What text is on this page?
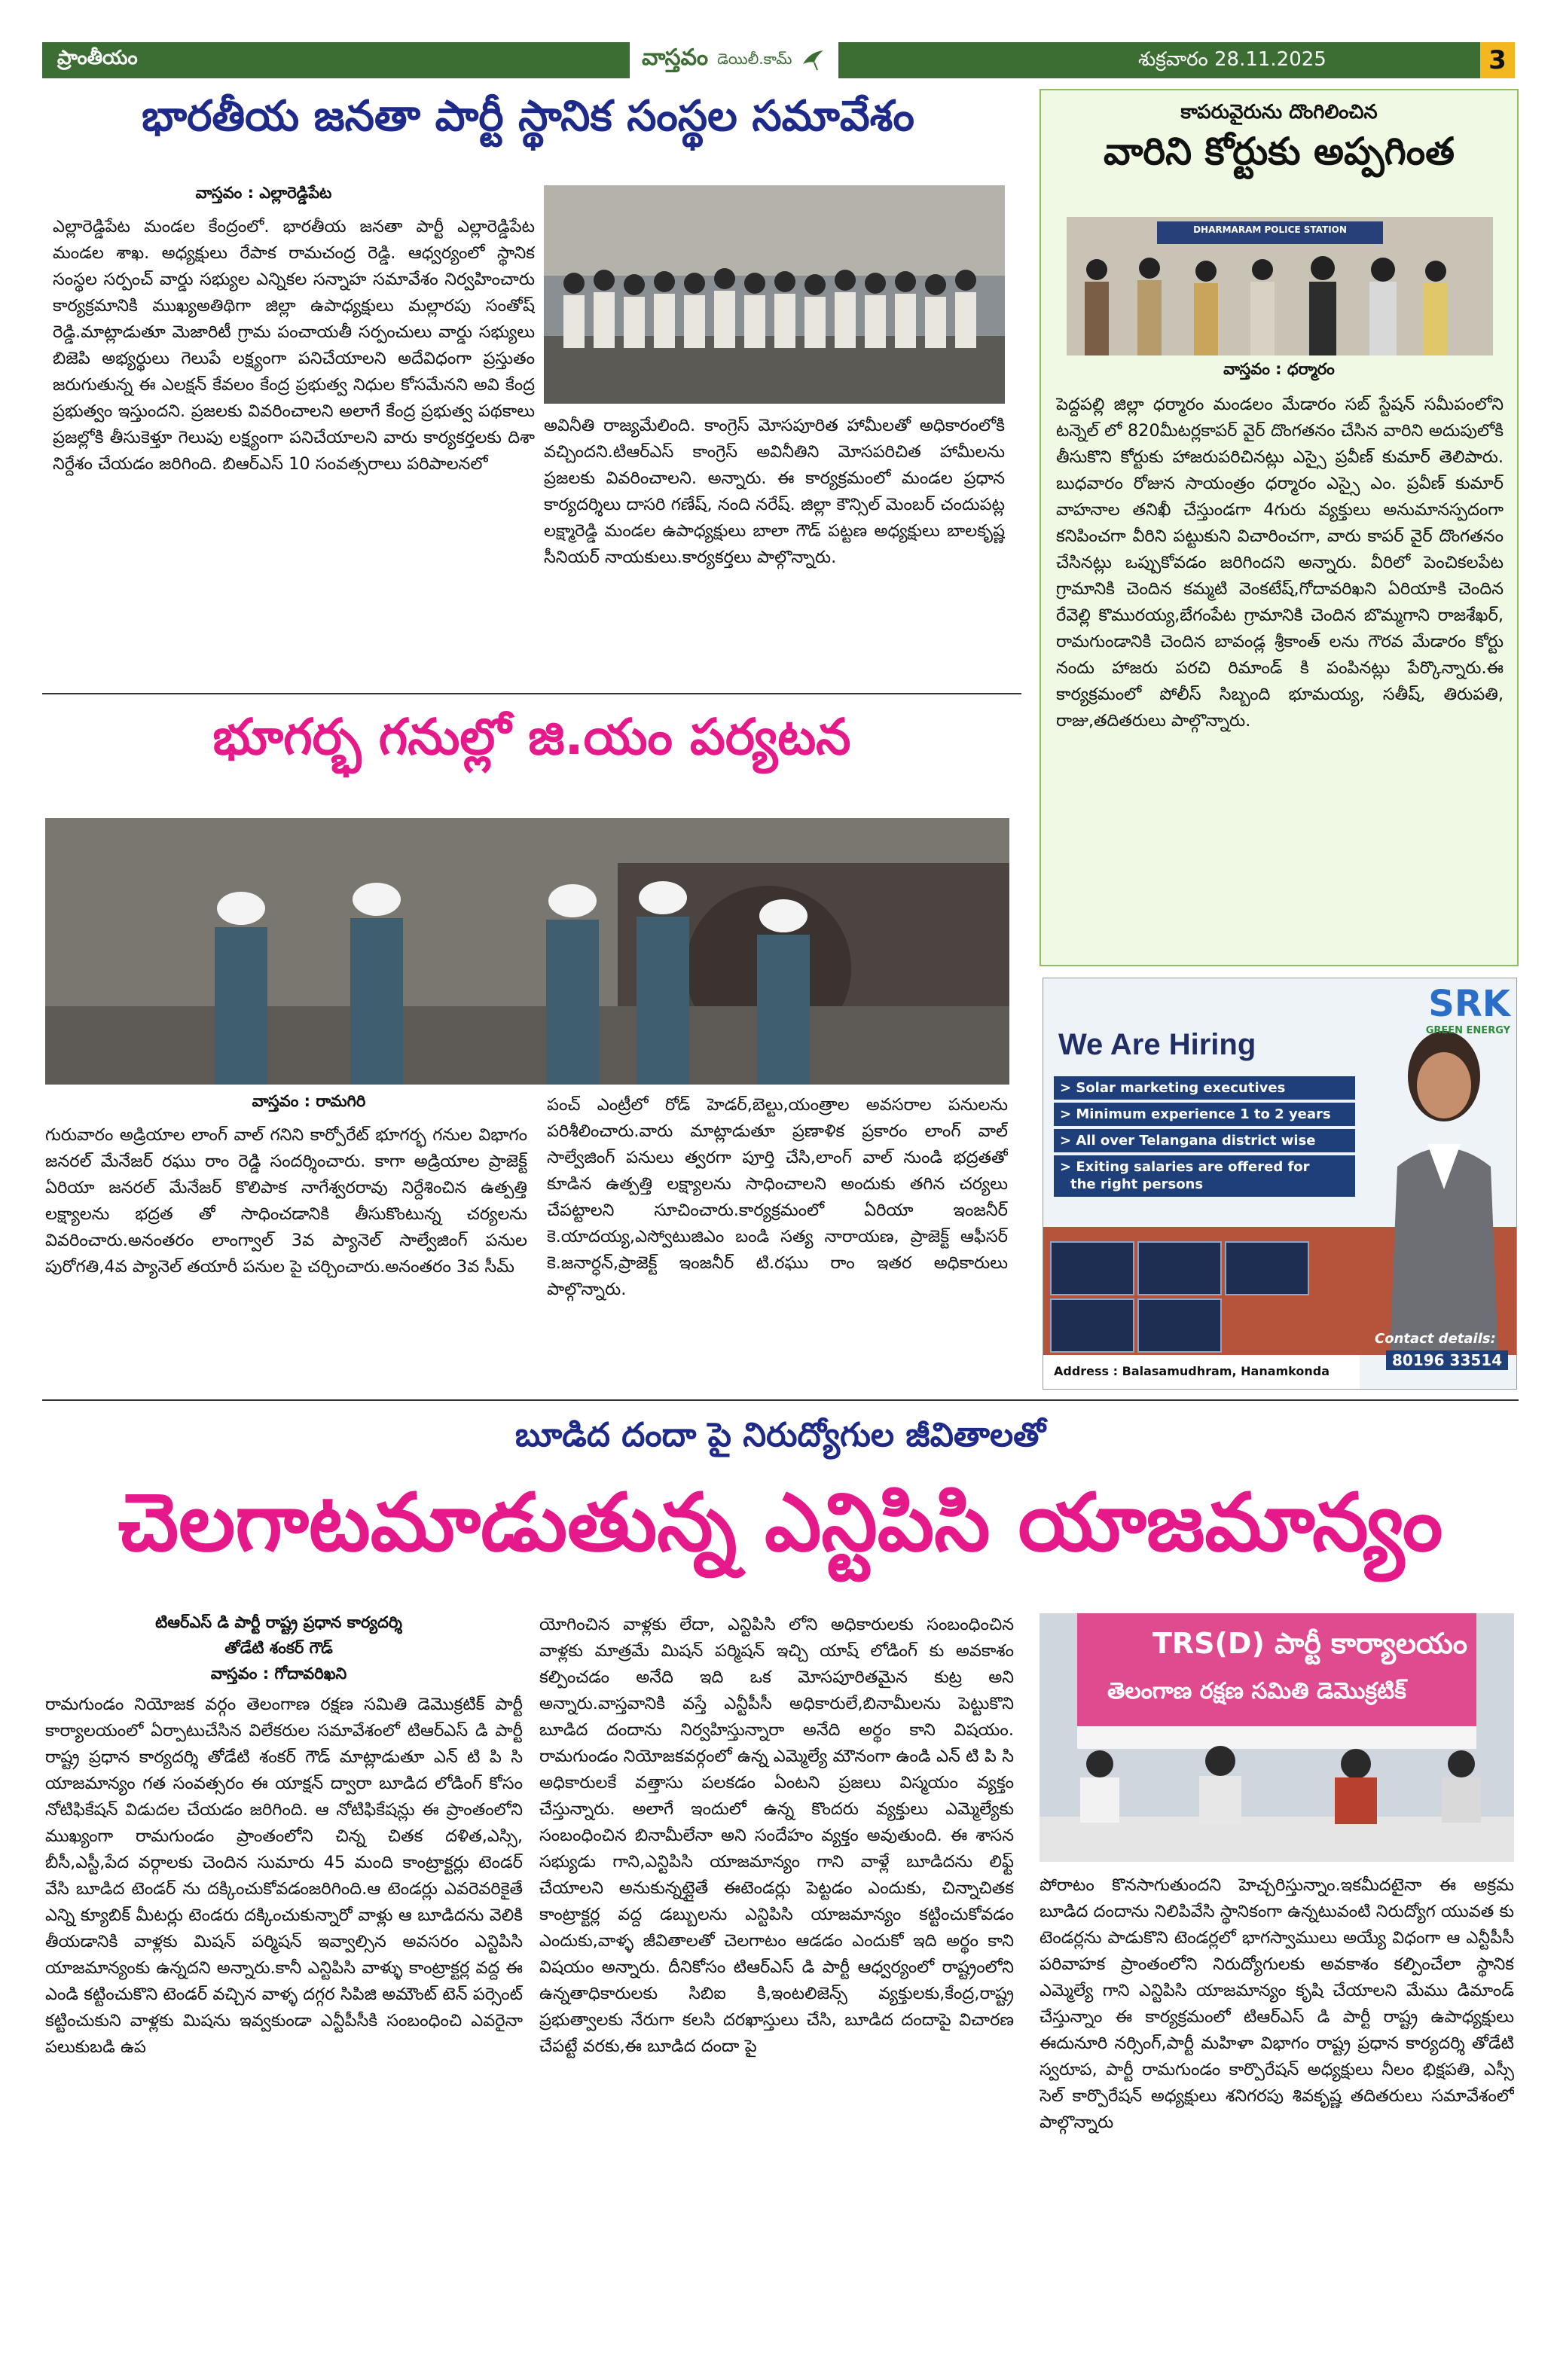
ప్రాంతీయం	వాస్తవం డెయిలీ.కామ్	శుక్రవారం 28.11.2025	3
భారతీయ జనతా పార్టీ స్థానిక సంస్థల సమావేశం
వాస్తవం : ఎల్లారెడ్డిపేట

ఎల్లారెడ్డిపేట మండల కేంద్రంలో. భారతీయ జనతా పార్టీ ఎల్లారెడ్డిపేట మండల శాఖ. అధ్యక్షులు రేపాక రామచంద్ర రెడ్డి. ఆధ్వర్యంలో స్థానిక సంస్థల సర్పంచ్ వార్డు సభ్యుల ఎన్నికల సన్నాహ సమావేశం నిర్వహించారు కార్యక్రమానికి ముఖ్యఅతిథిగా జిల్లా ఉపాధ్యక్షులు మల్లారపు సంతోష్ రెడ్డి.మాట్లాడుతూ మెజారిటీ గ్రామ పంచాయతీ సర్పంచులు వార్డు సభ్యులు బిజెపి అభ్యర్థులు గెలుపే లక్ష్యంగా పనిచేయాలని అదేవిధంగా ప్రస్తుతం జరుగుతున్న ఈ ఎలక్షన్ కేవలం కేంద్ర ప్రభుత్వ నిధుల కోసమేనని అవి కేంద్ర ప్రభుత్వం ఇస్తుందని. ప్రజలకు వివరించాలని అలాగే కేంద్ర ప్రభుత్వ పథకాలు ప్రజల్లోకి తీసుకెళ్తూ గెలుపు లక్ష్యంగా పనిచేయాలని వారు కార్యకర్తలకు దిశా నిర్దేశం చేయడం జరిగింది. బిఆర్ఎస్ 10 సంవత్సరాలు పరిపాలనలో

అవినీతి రాజ్యమేలింది. కాంగ్రెస్ మోసపూరిత హామీలతో అధికారంలోకి వచ్చిందని.టిఆర్ఎస్ కాంగ్రెస్ అవినీతిని మోసపరిచిత హామీలను ప్రజలకు వివరించాలని. అన్నారు. ఈ కార్యక్రమంలో మండల ప్రధాన కార్యదర్శిలు దాసరి గణేష్, నంది నరేష్. జిల్లా కౌన్సిల్ మెంబర్ చందుపట్ల లక్ష్మారెడ్డి మండల ఉపాధ్యక్షులు బాలా గౌడ్ పట్టణ అధ్యక్షులు బాలకృష్ణ సీనియర్ నాయకులు.కార్యకర్తలు పాల్గొన్నారు.

భూగర్భ గనుల్లో జి.యం పర్యటన
వాస్తవం : రామగిరి

గురువారం అడ్రియాల లాంగ్ వాల్ గనిని కార్పోరేట్ భూగర్భ గనుల విభాగం జనరల్ మేనేజర్ రఘు రాం రెడ్డి సందర్శించారు. కాగా అడ్రియాల ప్రాజెక్ట్ ఏరియా జనరల్ మేనేజర్ కొలిపాక నాగేశ్వరరావు నిర్దేశించిన ఉత్పత్తి లక్ష్యాలను భద్రత తో సాధించడానికి తీసుకొంటున్న చర్యలను వివరించారు.అనంతరం లాంగ్వాల్ 3వ ప్యానెల్ సాల్వేజింగ్ పనుల పురోగతి,4వ ప్యానెల్ తయారీ పనుల పై చర్చించారు.అనంతరం 3వ సీమ్

పంచ్ ఎంట్రీలో రోడ్ హెడర్,బెల్టు,యంత్రాల అవసరాల పనులను పరిశీలించారు.వారు మాట్లాడుతూ ప్రణాళిక ప్రకారం లాంగ్ వాల్ సాల్వేజింగ్ పనులు త్వరగా పూర్తి చేసి,లాంగ్ వాల్ నుండి భద్రతతో కూడిన ఉత్పత్తి లక్ష్యాలను సాధించాలని అందుకు తగిన చర్యలు చేపట్టాలని సూచించారు.కార్యక్రమంలో ఏరియా ఇంజనీర్ కె.యాదయ్య,ఎస్వోటుజిఎం బండి సత్య నారాయణ, ప్రాజెక్ట్ ఆఫీసర్ కె.జనార్ధన్,ప్రాజెక్ట్ ఇంజనీర్ టి.రఘు రాం ఇతర అధికారులు పాల్గొన్నారు.

కాపరువైరును దొంగిలించిన
వారిని కోర్టుకు అప్పగింత
DHARMARAM POLICE STATION
వాస్తవం : ధర్మారం

పెద్దపల్లి జిల్లా ధర్మారం మండలం మేడారం సబ్ స్టేషన్ సమీపంలోని టన్నెల్ లో 820మీటర్లకాపర్ వైర్ దొంగతనం చేసిన వారిని అదుపులోకి తీసుకొని కోర్టుకు హాజరుపరిచినట్లు ఎస్సై ప్రవీణ్ కుమార్ తెలిపారు. బుధవారం రోజున సాయంత్రం ధర్మారం ఎస్సై ఎం. ప్రవీణ్ కుమార్ వాహనాల తనిఖీ చేస్తుండగా 4గురు వ్యక్తులు అనుమానస్పదంగా కనిపించగా వీరిని పట్టుకుని విచారించగా, వారు కాపర్ వైర్ దొంగతనం చేసినట్లు ఒప్పుకోవడం జరిగిందని అన్నారు. వీరిలో పెంచికలపేట గ్రామానికి చెందిన కమ్మటి వెంకటేష్,గోదావరిఖని ఏరియాకి చెందిన రేవెల్లి కొమురయ్య,బేగంపేట గ్రామానికి చెందిన బొమ్మగాని రాజశేఖర్, రామగుండానికి చెందిన బావండ్ల శ్రీకాంత్ లను గౌరవ మేడారం కోర్టు నందు హాజరు పరచి రిమాండ్ కి పంపినట్లు పేర్కొన్నారు.ఈ కార్యక్రమంలో పోలీస్ సిబ్బంది భూమయ్య, సతీష్, తిరుపతి, రాజు,తదితరులు పాల్గొన్నారు.

SRK
GREEN ENERGY
We Are Hiring
> Solar marketing executives
> Minimum experience 1 to 2 years
> All over Telangana district wise
> Exiting salaries are offered for
the right persons
Contact details:
80196 33514
Address : Balasamudhram, Hanamkonda
బూడిద దందా పై నిరుద్యోగుల జీవితాలతో
చెలగాటమాడుతున్న ఎన్టిపిసి యాజమాన్యం
టిఆర్ఎస్ డి పార్టీ రాష్ట్ర ప్రధాన కార్యదర్శి
తోడేటి శంకర్ గౌడ్
వాస్తవం : గోదావరిఖని

రామగుండం నియోజక వర్గం తెలంగాణ రక్షణ సమితి డెమొక్రటిక్ పార్టీ కార్యాలయంలో ఏర్పాటుచేసిన విలేకరుల సమావేశంలో టిఆర్ఎస్ డి పార్టీ రాష్ట్ర ప్రధాన కార్యదర్శి తోడేటి శంకర్ గౌడ్ మాట్లాడుతూ ఎన్ టి పి సి యాజమాన్యం గత సంవత్సరం ఈ యాక్షన్ ద్వారా బూడిద లోడింగ్ కోసం నోటిఫికేషన్ విడుదల చేయడం జరిగింది. ఆ నోటిఫికేషన్లు ఈ ప్రాంతంలోని ముఖ్యంగా రామగుండం ప్రాంతంలోని చిన్న చితక దళిత,ఎస్సి, బీసీ,ఎస్టీ,పేద వర్గాలకు చెందిన సుమారు 45 మంది కాంట్రాక్టర్లు టెండర్ వేసి బూడిద టెండర్ ను దక్కించుకోవడంజరిగింది.ఆ టెండర్లు ఎవరెవరికైతే ఎన్ని క్యూబిక్ మీటర్లు టెండరు దక్కించుకున్నారో వాళ్లు ఆ బూడిదను వెలికి తీయడానికి వాళ్లకు మిషన్ పర్మిషన్ ఇవ్వాల్సిన అవసరం ఎన్టిపిసి యాజమాన్యంకు ఉన్నదని అన్నారు.కానీ ఎన్టిపిసి వాళ్ళు కాంట్రాక్టర్ల వద్ద ఈ ఎండి కట్టించుకొని టెండర్ వచ్చిన వాళ్ళ దగ్గర సిపిజి అమౌంట్ టెన్ పర్సెంట్ కట్టించుకుని వాళ్లకు మిషను ఇవ్వకుండా ఎన్టీపీసీకి సంబంధించి ఎవరైనా పలుకుబడి ఉప

యోగించిన వాళ్లకు లేదా, ఎన్టిపిసి లోని అధికారులకు సంబంధించిన వాళ్లకు మాత్రమే మిషన్ పర్మిషన్ ఇచ్చి యాష్ లోడింగ్ కు అవకాశం కల్పించడం అనేది ఇది ఒక మోసపూరితమైన కుట్ర అని అన్నారు.వాస్తవానికి వస్తే ఎన్టీపీసీ అధికారులే,బినామీలను పెట్టుకొని బూడిద దందాను నిర్వహిస్తున్నారా అనేది అర్థం కాని విషయం. రామగుండం నియోజకవర్గంలో ఉన్న ఎమ్మెల్యే మౌనంగా ఉండి ఎన్ టి పి సి అధికారులకే వత్తాసు పలకడం ఏంటని ప్రజలు విస్మయం వ్యక్తం చేస్తున్నారు. అలాగే ఇందులో ఉన్న కొందరు వ్యక్తులు ఎమ్మెల్యేకు సంబంధించిన బినామీలేనా అని సందేహం వ్యక్తం అవుతుంది. ఈ శాసన సభ్యుడు గాని,ఎన్టిపిసి యాజమాన్యం గాని వాళ్లే బూడిదను లిఫ్ట్ చేయాలని అనుకున్నట్లైతే ఈటెండర్లు పెట్టడం ఎందుకు, చిన్నాచితక కాంట్రాక్టర్ల వద్ద డబ్బులను ఎన్టిపిసి యాజమాన్యం కట్టించుకోవడం ఎందుకు,వాళ్ళ జీవితాలతో చెలగాటం ఆడడం ఎందుకో ఇది అర్థం కాని విషయం అన్నారు. దీనికోసం టిఆర్ఎస్ డి పార్టీ ఆధ్వర్యంలో రాష్ట్రంలోని ఉన్నతాధికారులకు సిబిఐ కి,ఇంటలిజెన్స్ వ్యక్తులకు,కేంద్ర,రాష్ట్ర ప్రభుత్వాలకు నేరుగా కలసి దరఖాస్తులు చేసి, బూడిద దందాపై విచారణ చేపట్టే వరకు,ఈ బూడిద దందా పై

TRS(D) పార్టీ కార్యాలయం
తెలంగాణ రక్షణ సమితి డెమొక్రటిక్

పోరాటం కొనసాగుతుందని హెచ్చరిస్తున్నాం.ఇకమీదటైనా ఈ అక్రమ బూడిద దందాను నిలిపివేసి స్థానికంగా ఉన్నటువంటి నిరుద్యోగ యువత కు టెండర్లను పాడుకొని టెండర్లలో భాగస్వాములు అయ్యే విధంగా ఆ ఎన్టీపీసీ పరివాహక ప్రాంతంలోని నిరుద్యోగులకు అవకాశం కల్పించేలా స్థానిక ఎమ్మెల్యే గాని ఎన్టిపిసి యాజమాన్యం కృషి చేయాలని మేము డిమాండ్ చేస్తున్నాం ఈ కార్యక్రమంలో టిఆర్ఎస్ డి పార్టీ రాష్ట్ర ఉపాధ్యక్షులు ఈదునూరి నర్సింగ్,పార్టీ మహిళా విభాగం రాష్ట్ర ప్రధాన కార్యదర్శి తోడేటి స్వరూప, పార్టీ రామగుండం కార్పొరేషన్ అధ్యక్షులు నీలం భిక్షపతి, ఎస్సీ సెల్ కార్పొరేషన్ అధ్యక్షులు శనిగరపు శివకృష్ణ తదితరులు సమావేశంలో పాల్గొన్నారు
